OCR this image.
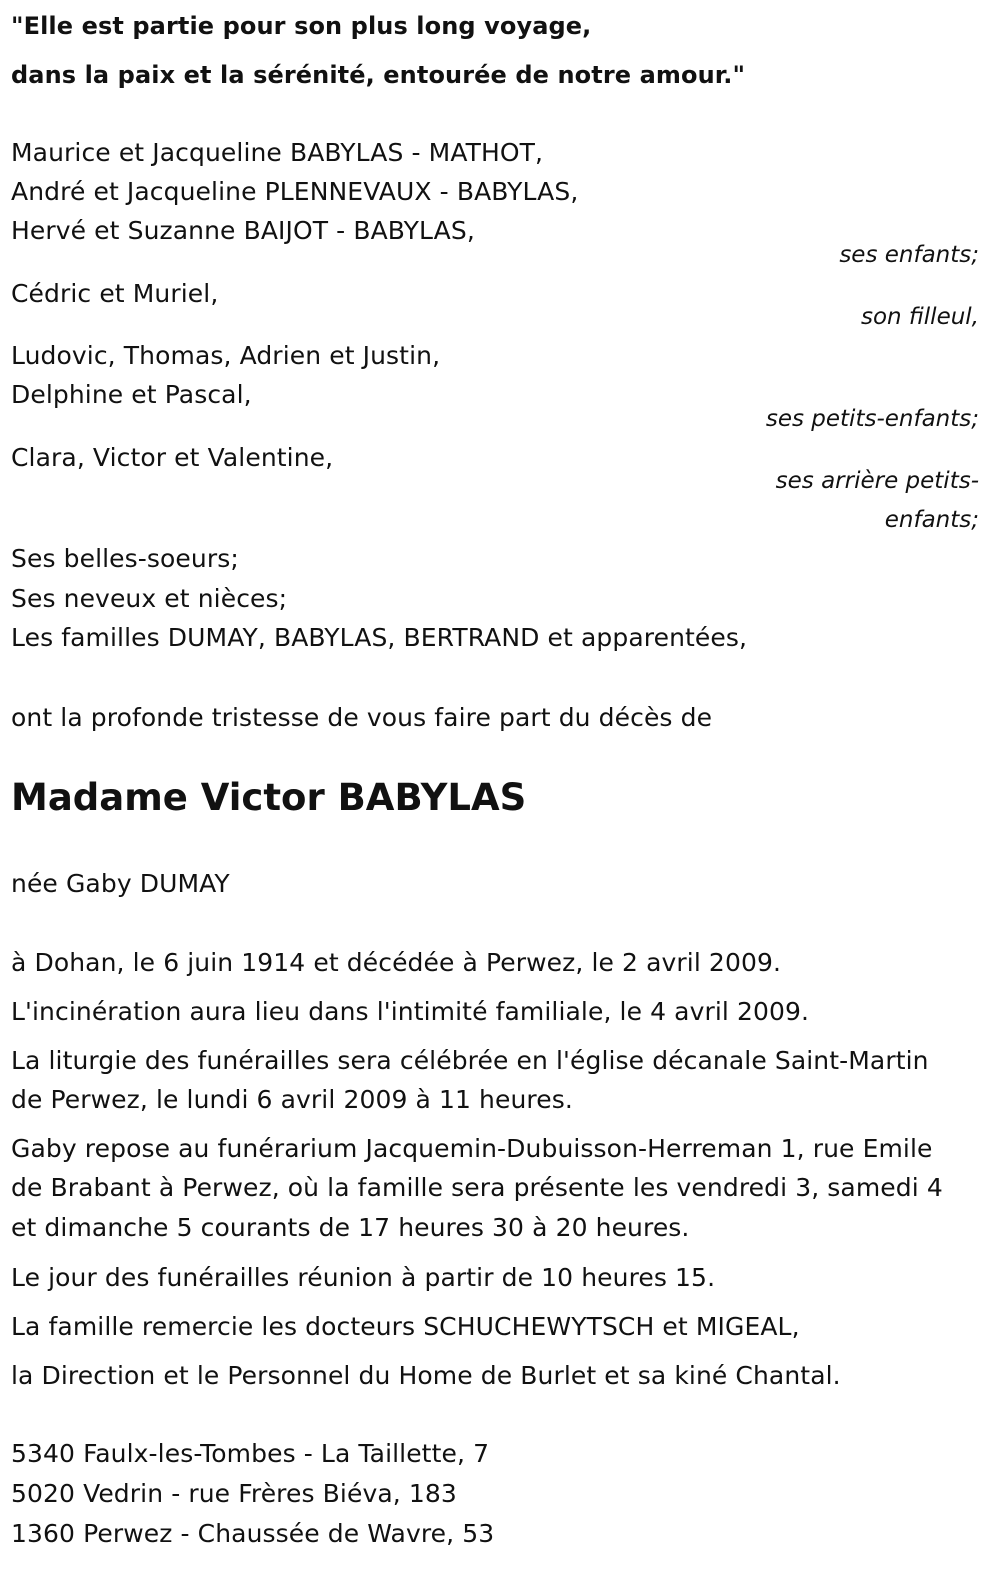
"Elle est partie pour son plus long voyage,
dans la paix et la sérénité, entourée de notre amour."
Maurice et Jacqueline BABYLAS - MATHOT,
André et Jacqueline PLENNEVAUX - BABYLAS,
Hervé et Suzanne BAIJOT - BABYLAS,
ses enfants;
Cédric et Muriel,
son filleul,
Ludovic, Thomas, Adrien et Justin,
Delphine et Pascal,
ses petits-enfants;
Clara, Victor et Valentine,
ses arrière petits-
enfants;
Ses belles-soeurs;
Ses neveux et nièces;
Les familles DUMAY, BABYLAS, BERTRAND et apparentées,
ont la profonde tristesse de vous faire part du décès de
Madame Victor BABYLAS
née Gaby DUMAY
à Dohan, le 6 juin 1914 et décédée à Perwez, le 2 avril 2009.
L'incinération aura lieu dans l'intimité familiale, le 4 avril 2009.
La liturgie des funérailles sera célébrée en l'église décanale Saint-Martin
de Perwez, le lundi 6 avril 2009 à 11 heures.
Gaby repose au funérarium Jacquemin-Dubuisson-Herreman 1, rue Emile
de Brabant à Perwez, où la famille sera présente les vendredi 3, samedi 4
et dimanche 5 courants de 17 heures 30 à 20 heures.
Le jour des funérailles réunion à partir de 10 heures 15.
La famille remercie les docteurs SCHUCHEWYTSCH et MIGEAL,
la Direction et le Personnel du Home de Burlet et sa kiné Chantal.
5340 Faulx-les-Tombes - La Taillette, 7
5020 Vedrin - rue Frères Biéva, 183
1360 Perwez - Chaussée de Wavre, 53
